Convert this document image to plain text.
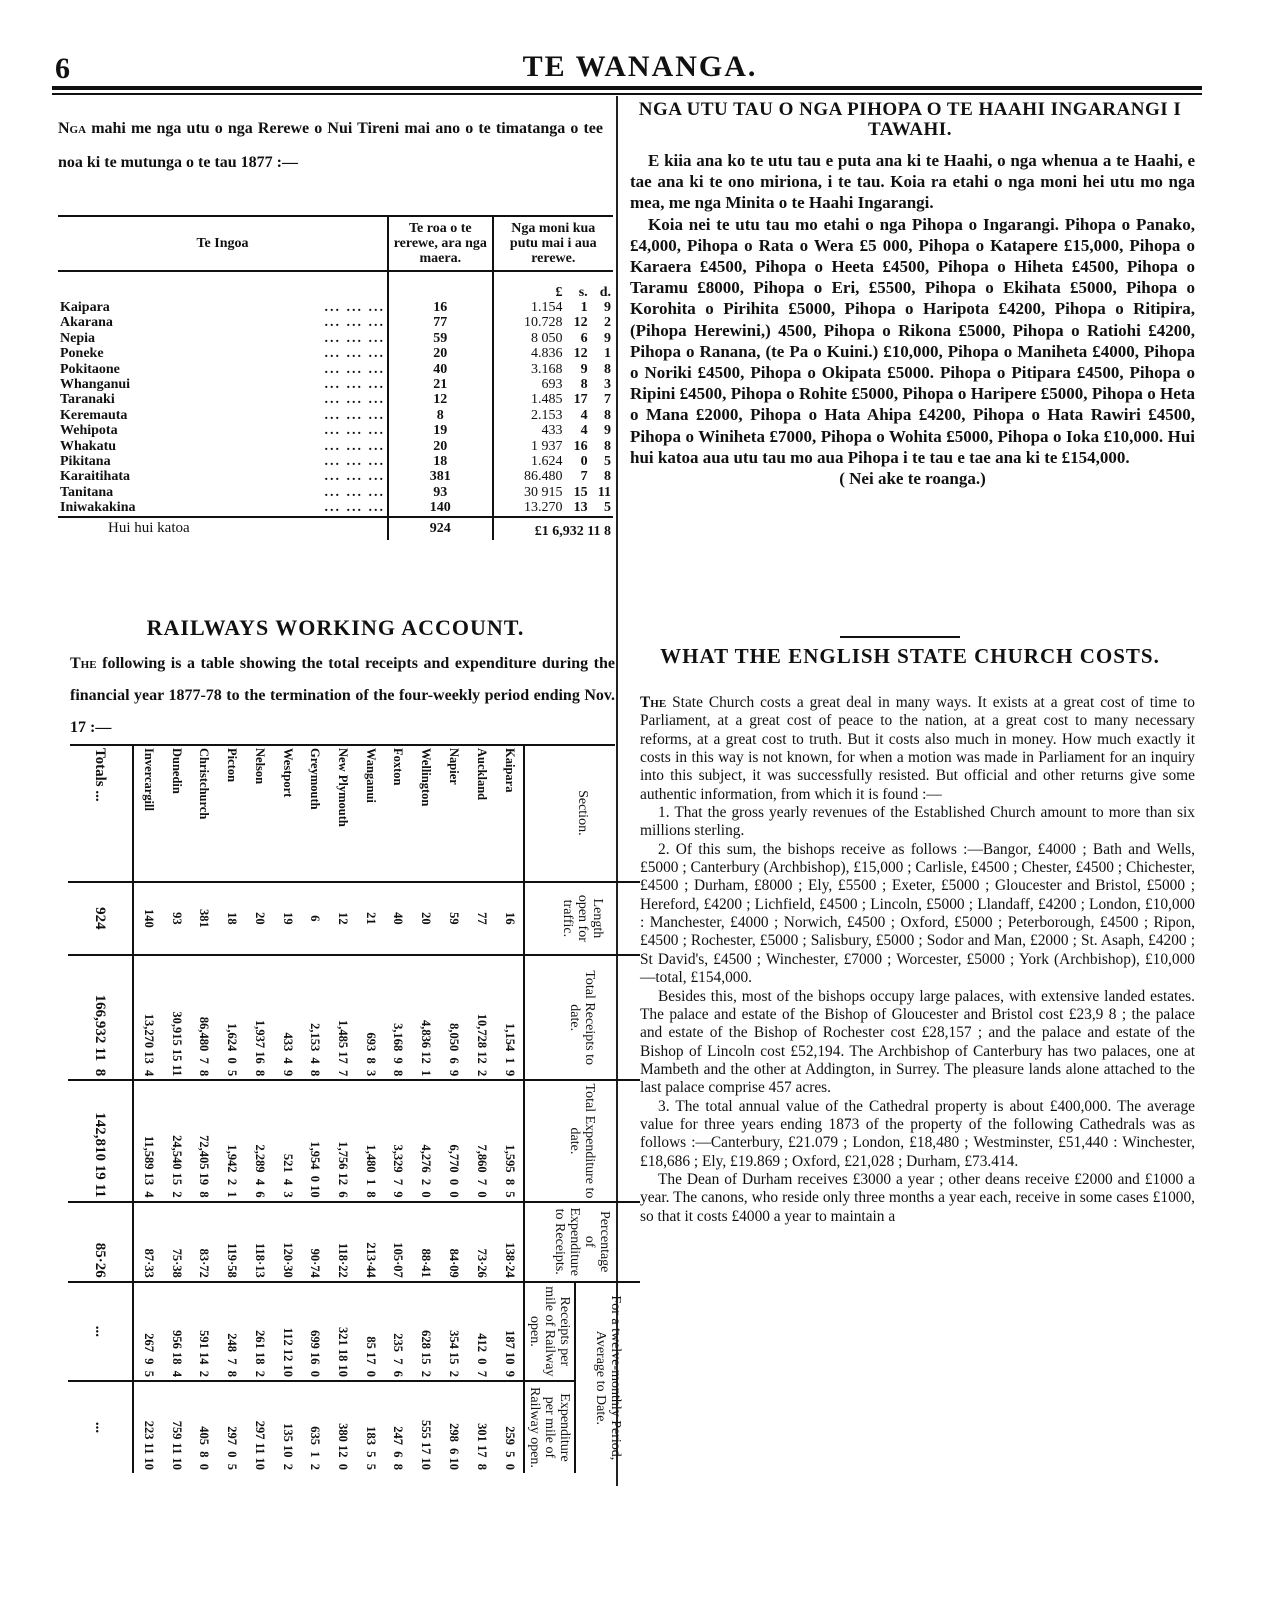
6	TE WANANGA.
Nga mahi me nga utu o nga Rerewe o Nui Tireni mai ano o te timatanga o tee noa ki te mutunga o te tau 1877 :—
Te Ingoa	Te roa o te rerewe, ara nga maera.	Nga moni kua putu mai i aua rerewe.		
		£	s.	d.
Kaipara ... ... ...	16	1.154	1	9
Akarana ... ... ...	77	10.728	12	2
Nepia ... ... ...	59	8 050	6	9
Poneke ... ... ...	20	4.836	12	1
Pokitaone ... ... ...	40	3.168	9	8
Whanganui ... ... ...	21	693	8	3
Taranaki ... ... ...	12	1.485	17	7
Keremauta ... ... ...	8	2.153	4	8
Wehipota ... ... ...	19	433	4	9
Whakatu ... ... ...	20	1 937	16	8
Pikitana ... ... ...	18	1.624	0	5
Karaitihata ... ... ...	381	86.480	7	8
Tanitana ... ... ...	93	30 915	15	11
Iniwakakina ... ... ...	140	13.270	13	5
Hui hui katoa	924	£1 6,932 11 8		
RAILWAYS WORKING ACCOUNT.
The following is a table showing the total receipts and expenditure during the financial year 1877-78 to the termination of the four-weekly period ending Nov. 17 :—
Section.	Length open for traffic.	Total Receipts to date.	Total Expenditure to date.	Percentage of Expenditure to Receipts.	For a twelve-monthly Period, Average to Date.	
					Receipts per mile of Railway open.	Expenditure per mile of Railway open.
Kaipara	16	1,154  1  9	1,595  8  5	138·24	187 10  9	259  5  0
Auckland	77	10,728 12  2	7,860  7  0	73·26	412  0  7	301 17  8
Napier	59	8,050  6  9	6,770  0  0	84·09	354 15  2	298  6 10
Wellington	20	4,836 12  1	4,276  2  0	88·41	628 15  2	555 17 10
Foxton	40	3,168  9  8	3,329  7  9	105·07	235  7  6	247  6  8
Wanganui	21	693  8  3	1,480  1  8	213·44	85 17  0	183  5  5
New Plymouth	12	1,485 17  7	1,756 12  6	118·22	321 18 10	380 12  0
Greymouth	6	2,153  4  8	1,954  0 10	90·74	699 16  0	635  1  2
Westport	19	433  4  9	521  4  3	120·30	112 12 10	135 10  2
Nelson	20	1,937 16  8	2,289  4  6	118·13	261 18  2	297 11 10
Picton	18	1,624  0  5	1,942  2  1	119·58	248  7  8	297  0  5
Christchurch	381	86,480  7  8	72,405 19  8	83·72	591 14  2	405  8  0
Dunedin	93	30,915 15 11	24,540 15  2	75·38	956 18  4	759 11 10
Invercargill	140	13,270 13  4	11,589 13  4	87·33	267  9  5	223 11 10
Totals ...	924	166,932 11  8	142,810 19 11	85·26	...	...
NGA UTU TAU O NGA PIHOPA O TE HAAHI INGARANGI I TAWAHI.

E kiia ana ko te utu tau e puta ana ki te Haahi, o nga whenua a te Haahi, e tae ana ki te ono miriona, i te tau. Koia ra etahi o nga moni hei utu mo nga mea, me nga Minita o te Haahi Ingarangi.

Koia nei te utu tau mo etahi o nga Pihopa o Ingarangi. Pihopa o Panako, £4,000, Pihopa o Rata o Wera £5 000, Pihopa o Katapere £15,000, Pihopa o Karaera £4500, Pihopa o Heeta £4500, Pihopa o Hiheta £4500, Pihopa o Taramu £8000, Pihopa o Eri, £5500, Pihopa o Ekihata £5000, Pihopa o Korohita o Pirihita £5000, Pihopa o Haripota £4200, Pihopa o Ritipira, (Pihopa Herewini,) 4500, Pihopa o Rikona £5000, Pihopa o Ratiohi £4200, Pihopa o Ranana, (te Pa o Kuini.) £10,000, Pihopa o Maniheta £4000, Pihopa o Noriki £4500, Pihopa o Okipata £5000. Pihopa o Pitipara £4500, Pihopa o Ripini £4500, Pihopa o Rohite £5000, Pihopa o Haripere £5000, Pihopa o Heta o Mana £2000, Pihopa o Hata Ahipa £4200, Pihopa o Hata Rawiri £4500, Pihopa o Winiheta £7000, Pihopa o Wohita £5000, Pihopa o Ioka £10,000. Hui hui katoa aua utu tau mo aua Pihopa i te tau e tae ana ki te £154,000.

( Nei ake te roanga.)

WHAT THE ENGLISH STATE CHURCH COSTS.

The State Church costs a great deal in many ways. It exists at a great cost of time to Parliament, at a great cost of peace to the nation, at a great cost to many necessary reforms, at a great cost to truth. But it costs also much in money. How much exactly it costs in this way is not known, for when a motion was made in Parliament for an inquiry into this subject, it was successfully resisted. But official and other returns give some authentic information, from which it is found :—

1. That the gross yearly revenues of the Established Church amount to more than six millions sterling.

2. Of this sum, the bishops receive as follows :—Bangor, £4000 ; Bath and Wells, £5000 ; Canterbury (Archbishop), £15,000 ; Carlisle, £4500 ; Chester, £4500 ; Chichester, £4500 ; Durham, £8000 ; Ely, £5500 ; Exeter, £5000 ; Gloucester and Bristol, £5000 ; Hereford, £4200 ; Lichfield, £4500 ; Lincoln, £5000 ; Llandaff, £4200 ; London, £10,000 : Manchester, £4000 ; Norwich, £4500 ; Oxford, £5000 ; Peterborough, £4500 ; Ripon, £4500 ; Rochester, £5000 ; Salisbury, £5000 ; Sodor and Man, £2000 ; St. Asaph, £4200 ; St David's, £4500 ; Winchester, £7000 ; Worcester, £5000 ; York (Archbishop), £10,000—total, £154,000.

Besides this, most of the bishops occupy large palaces, with extensive landed estates. The palace and estate of the Bishop of Gloucester and Bristol cost £23,9 8 ; the palace and estate of the Bishop of Rochester cost £28,157 ; and the palace and estate of the Bishop of Lincoln cost £52,194. The Archbishop of Canterbury has two palaces, one at Mambeth and the other at Addington, in Surrey. The pleasure lands alone attached to the last palace comprise 457 acres.

3. The total annual value of the Cathedral property is about £400,000. The average value for three years ending 1873 of the property of the following Cathedrals was as follows :—Canterbury, £21.079 ; London, £18,480 ; Westminster, £51,440 : Winchester, £18,686 ; Ely, £19.869 ; Oxford, £21,028 ; Durham, £73.414.

The Dean of Durham receives £3000 a year ; other deans receive £2000 and £1000 a year. The canons, who reside only three months a year each, receive in some cases £1000, so that it costs £4000 a year to maintain a
